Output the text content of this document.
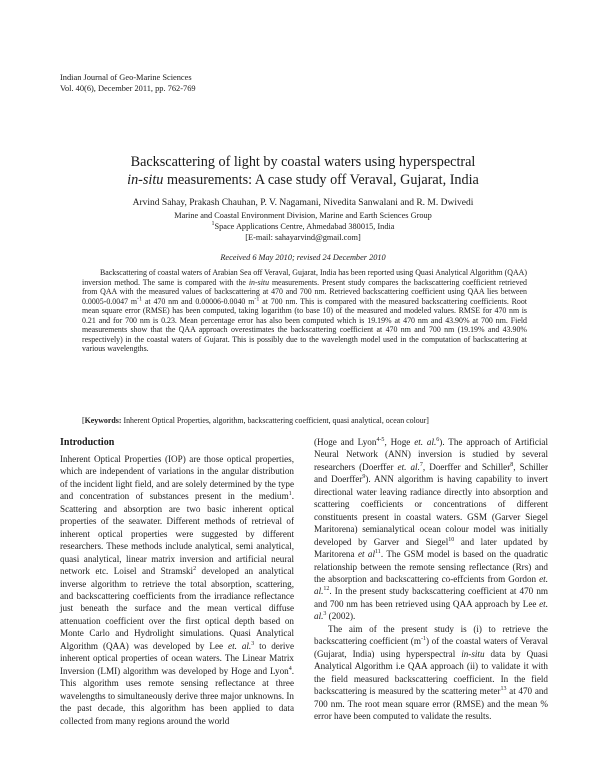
Indian Journal of Geo-Marine Sciences
Vol. 40(6), December 2011, pp. 762-769
Backscattering of light by coastal waters using hyperspectral
in-situ measurements: A case study off Veraval, Gujarat, India
Arvind Sahay, Prakash Chauhan, P. V. Nagamani, Nivedita Sanwalani and R. M. Dwivedi
Marine and Coastal Environment Division, Marine and Earth Sciences Group
$^1$Space Applications Centre, Ahmedabad 380015, India
[E-mail: sahayarvind@gmail.com]
Received 6 May 2010; revised 24 December 2010

Backscattering of coastal waters of Arabian Sea off Veraval, Gujarat, India has been reported using Quasi Analytical Algorithm (QAA) inversion method. The same is compared with the in-situ measurements. Present study compares the backscattering coefficient retrieved from QAA with the measured values of backscattering at 470 and 700 nm. Retrieved backscattering coefficient using QAA lies between 0.0005-0.0047 $m^{-1}$ at 470 nm and 0.00006-0.0040 $m^{-1}$ at 700 nm. This is compared with the measured backscattering coefficients. Root mean square error (RMSE) has been computed, taking logarithm (to base 10) of the measured and modeled values. RMSE for 470 nm is 0.21 and for 700 nm is 0.23. Mean percentage error has also been computed which is 19.19% at 470 nm and 43.90% at 700 nm. Field measurements show that the QAA approach overestimates the backscattering coefficient at 470 nm and 700 nm (19.19% and 43.90% respectively) in the coastal waters of Gujarat. This is possibly due to the wavelength model used in the computation of backscattering at various wavelengths.

[Keywords: Inherent Optical Properties, algorithm, backscattering coefficient, quasi analytical, ocean colour]
Introduction

Inherent Optical Properties (IOP) are those optical properties, which are independent of variations in the angular distribution of the incident light field, and are solely determined by the type and concentration of substances present in the medium$^1$. Scattering and absorption are two basic inherent optical properties of the seawater. Different methods of retrieval of inherent optical properties were suggested by different researchers. These methods include analytical, semi analytical, quasi analytical, linear matrix inversion and artificial neural network etc. Loisel and Stramski$^2$ developed an analytical inverse algorithm to retrieve the total absorption, scattering, and backscattering coefficients from the irradiance reflectance just beneath the surface and the mean vertical diffuse attenuation coefficient over the first optical depth based on Monte Carlo and Hydrolight simulations. Quasi Analytical Algorithm (QAA) was developed by Lee et. al.$^3$ to derive inherent optical properties of ocean waters. The Linear Matrix Inversion (LMI) algorithm was developed by Hoge and Lyon$^4$. This algorithm uses remote sensing reflectance at three wavelengths to simultaneously derive three major unknowns. In the past decade, this algorithm has been applied to data collected from many regions around the world

(Hoge and Lyon$^{4-5}$, Hoge et. al.$^6$). The approach of Artificial Neural Network (ANN) inversion is studied by several researchers (Doerffer et. al.$^7$, Doerffer and Schiller$^8$, Schiller and Doerffer$^9$). ANN algorithm is having capability to invert directional water leaving radiance directly into absorption and scattering coefficients or concentrations of different constituents present in coastal waters. GSM (Garver Siegel Maritorena) semianalytical ocean colour model was initially developed by Garver and Siegel$^{10}$ and later updated by Maritorena et $al^{11}$. The GSM model is based on the quadratic relationship between the remote sensing reflectance (Rrs) and the absorption and backscattering co-effcients from Gordon et. al.$^{12}$. In the present study backscattering coefficient at 470 nm and 700 nm has been retrieved using QAA approach by Lee et. al.$^3$ (2002).

The aim of the present study is (i) to retrieve the backscattering coefficient $(m^{-1})$ of the coastal waters of Veraval (Gujarat, India) using hyperspectral in-situ data by Quasi Analytical Algorithm i.e QAA approach (ii) to validate it with the field measured backscattering coefficient. In the field backscattering is measured by the scattering meter$^{13}$ at 470 and 700 nm. The root mean square error (RMSE) and the mean % error have been computed to validate the results.
